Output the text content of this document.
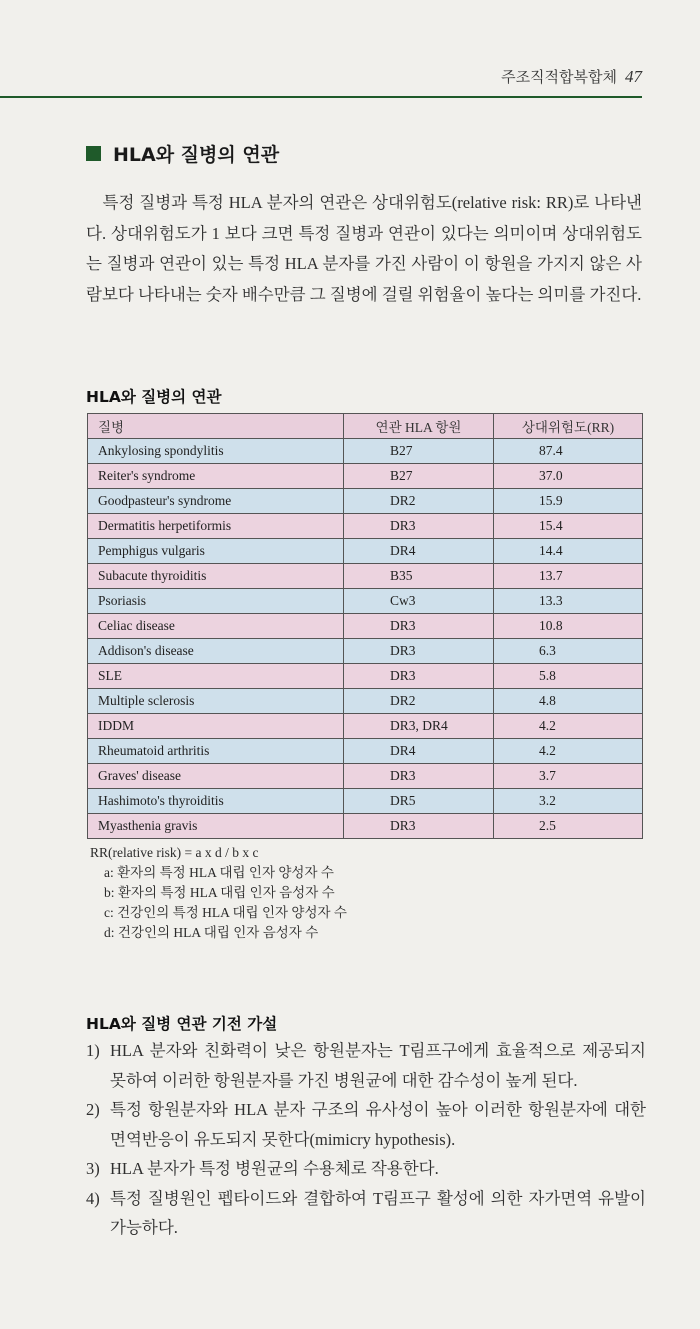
주조직적합복합체 47
HLA와 질병의 연관

특정 질병과 특정 HLA 분자의 연관은 상대위험도(relative risk: RR)로 나타낸다. 상대위험도가 1 보다 크면 특정 질병과 연관이 있다는 의미이며 상대위험도는 질병과 연관이 있는 특정 HLA 분자를 가진 사람이 이 항원을 가지지 않은 사람보다 나타내는 숫자 배수만큼 그 질병에 걸릴 위험율이 높다는 의미를 가진다.

HLA와 질병의 연관
질병	연관 HLA 항원	상대위험도(RR)
Ankylosing spondylitis	B27	87.4
Reiter's syndrome	B27	37.0
Goodpasteur's syndrome	DR2	15.9
Dermatitis herpetiformis	DR3	15.4
Pemphigus vulgaris	DR4	14.4
Subacute thyroiditis	B35	13.7
Psoriasis	Cw3	13.3
Celiac disease	DR3	10.8
Addison's disease	DR3	6.3
SLE	DR3	5.8
Multiple sclerosis	DR2	4.8
IDDM	DR3, DR4	4.2
Rheumatoid arthritis	DR4	4.2
Graves' disease	DR3	3.7
Hashimoto's thyroiditis	DR5	3.2
Myasthenia gravis	DR3	2.5
RR(relative risk) = a x d / b x c
a: 환자의 특정 HLA 대립 인자 양성자 수
b: 환자의 특정 HLA 대립 인자 음성자 수
c: 건강인의 특정 HLA 대립 인자 양성자 수
d: 건강인의 HLA 대립 인자 음성자 수
HLA와 질병 연관 기전 가설
1) HLA 분자와 친화력이 낮은 항원분자는 T림프구에게 효율적으로 제공되지 못하여 이러한 항원분자를 가진 병원균에 대한 감수성이 높게 된다.
2) 특정 항원분자와 HLA 분자 구조의 유사성이 높아 이러한 항원분자에 대한 면역반응이 유도되지 못한다(mimicry hypothesis).
3) HLA 분자가 특정 병원균의 수용체로 작용한다.
4) 특정 질병원인 펩타이드와 결합하여 T림프구 활성에 의한 자가면역 유발이 가능하다.
